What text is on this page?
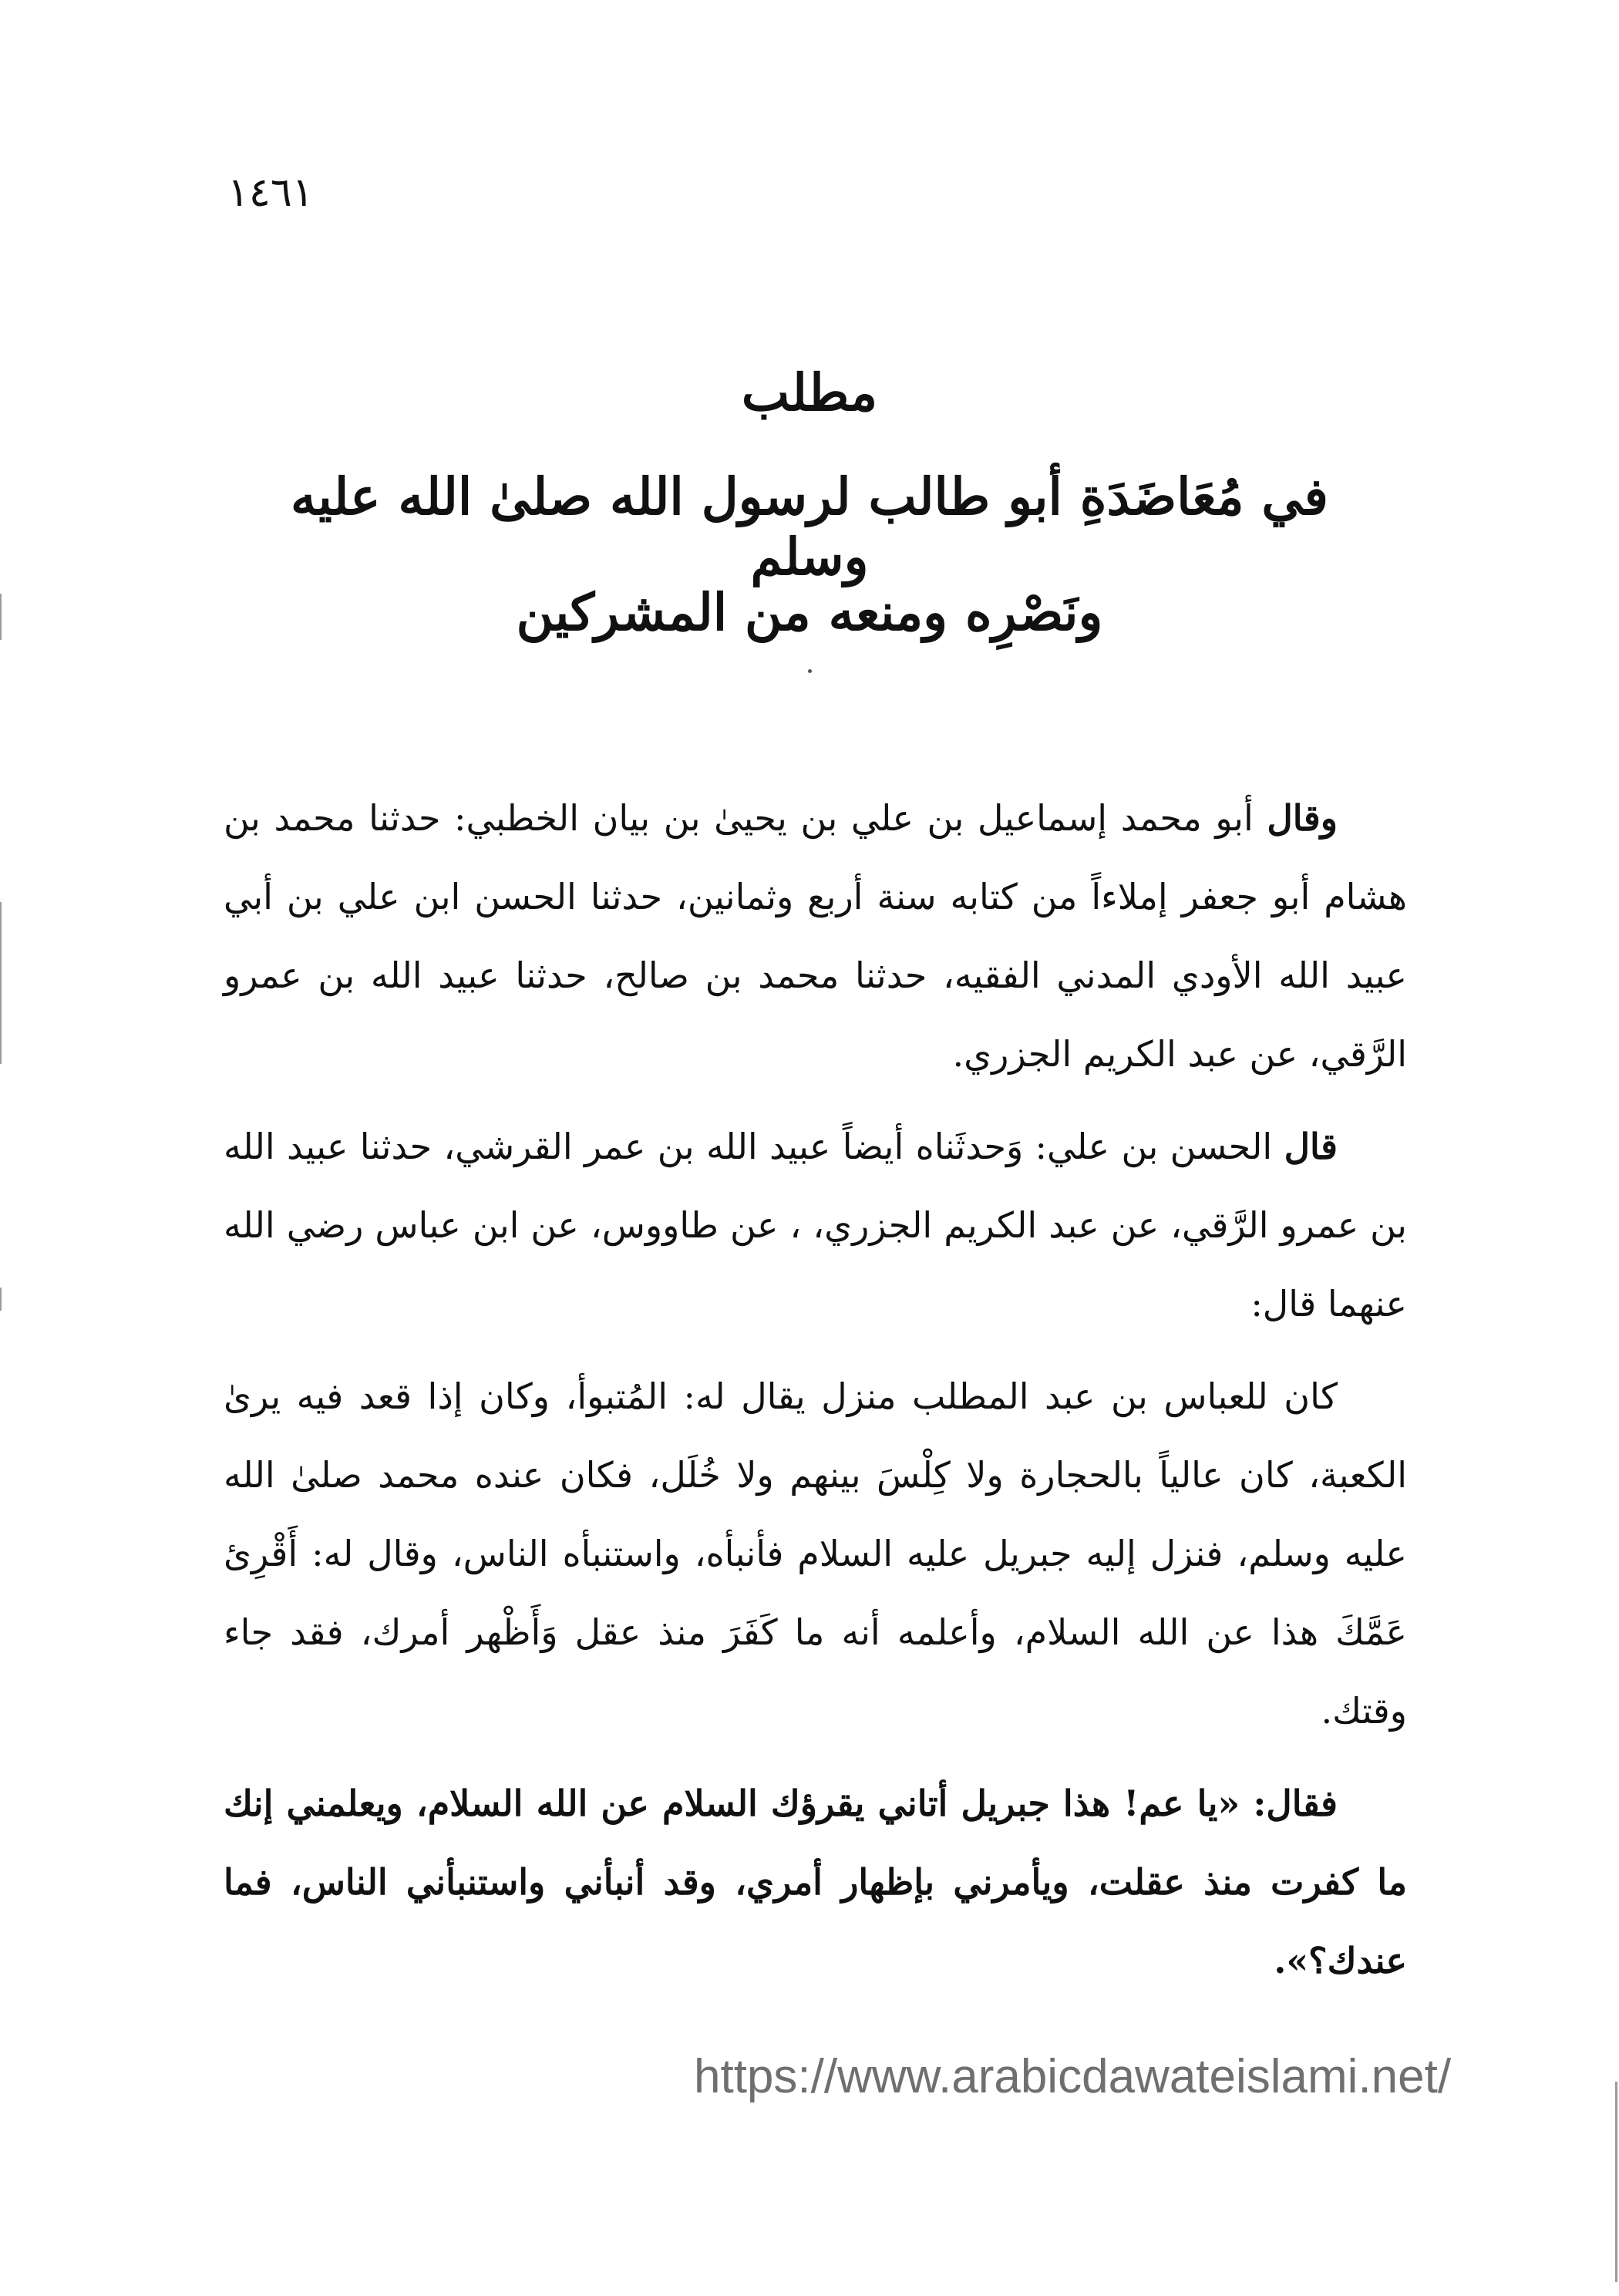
١٤٦١
مطلب
في مُعَاضَدَةِ أبو طالب لرسول الله صلىٰ الله عليه وسلم
ونَصْرِه ومنعه من المشركين

وقال أبو محمد إسماعيل بن علي بن يحيىٰ بن بيان الخطبي: حدثنا محمد بن هشام أبو جعفر إملاءاً من كتابه سنة أربع وثمانين، حدثنا الحسن ابن علي بن أبي عبيد الله الأودي المدني الفقيه، حدثنا محمد بن صالح، حدثنا عبيد الله بن عمرو الرَّقي، عن عبد الكريم الجزري.

قال الحسن بن علي: وَحدثَناه أيضاً عبيد الله بن عمر القرشي، حدثنا عبيد الله بن عمرو الرَّقي، عن عبد الكريم الجزري، ، عن طاووس، عن ابن عباس رضي الله عنهما قال:

كان للعباس بن عبد المطلب منزل يقال له: المُتبوأ، وكان إذا قعد فيه يرىٰ الكعبة، كان عالياً بالحجارة ولا كِلْسَ بينهم ولا خُلَل، فكان عنده محمد صلىٰ الله عليه وسلم، فنزل إليه جبريل عليه السلام فأنبأه، واستنبأه الناس، وقال له: أَقْرِئ عَمَّكَ هذا عن الله السلام، وأعلمه أنه ما كَفَرَ منذ عقل وَأَظْهر أمرك، فقد جاء وقتك.

فقال: «يا عم! هذا جبريل أتاني يقرؤك السلام عن الله السلام، ويعلمني إنك ما كفرت منذ عقلت، ويأمرني بإظهار أمري، وقد أنبأني واستنبأني الناس، فما عندك؟».

https://www.arabicdawateislami.net/
